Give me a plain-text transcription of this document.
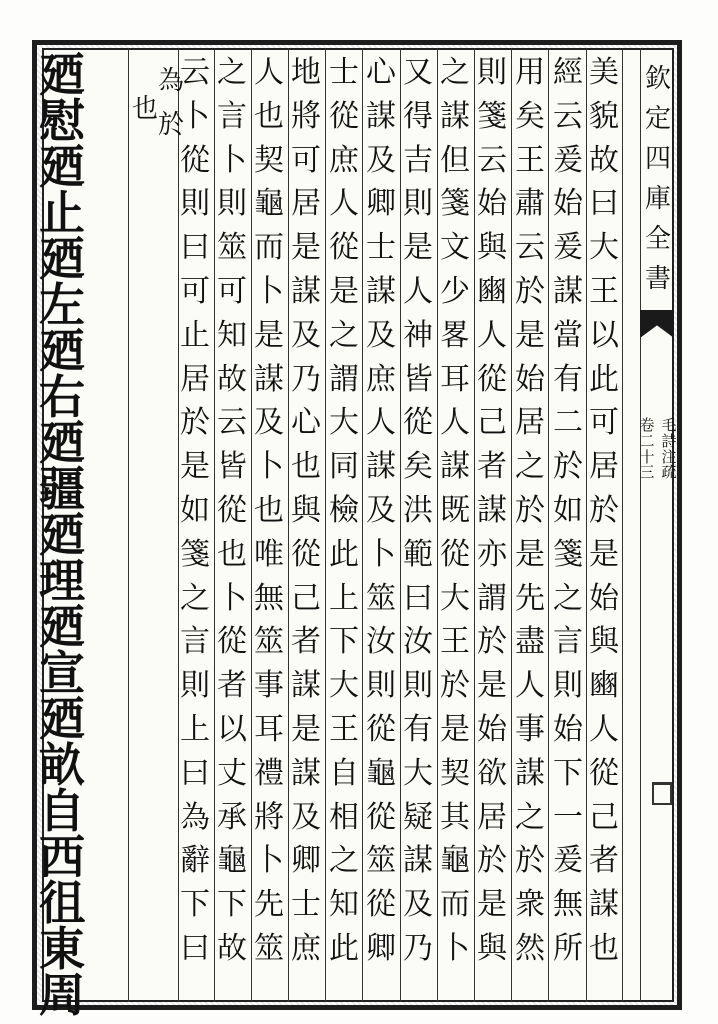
欽
定
四
庫
全
書
毛
詩
注
疏
卷
二
十
三
美
貌
故
曰
大
王
以
此
可
居
於
是
始
與
豳
人
從
己
者
謀
也
經
云
爰
始
爰
謀
當
有
二
於
如
箋
之
言
則
始
下
一
爰
無
所
用
矣
王
肅
云
於
是
始
居
之
於
是
先
盡
人
事
謀
之
於
衆
然
則
箋
云
始
與
豳
人
從
己
者
謀
亦
謂
於
是
始
欲
居
於
是
與
之
謀
但
箋
文
少
畧
耳
人
謀
既
從
大
王
於
是
契
其
龜
而
卜
又
得
吉
則
是
人
神
皆
從
矣
洪
範
曰
汝
則
有
大
疑
謀
及
乃
心
謀
及
卿
士
謀
及
庶
人
謀
及
卜
筮
汝
則
從
龜
從
筮
從
卿
士
從
庶
人
從
是
之
謂
大
同
檢
此
上
下
大
王
自
相
之
知
此
地
將
可
居
是
謀
及
乃
心
也
與
從
己
者
謀
是
謀
及
卿
士
庶
人
也
契
龜
而
卜
是
謀
及
卜
也
唯
無
筮
事
耳
禮
將
卜
先
筮
之
言
卜
則
筮
可
知
故
云
皆
從
也
卜
從
者
以
丈
承
龜
下
故
云
卜
從
則
曰
可
止
居
於
是
如
箋
之
言
則
上
曰
為
辭
下
曰
也
為
於
廼
慰
廼
止
廼
左
廼
右
廼
疆
廼
理
廼
宣
廼
畝
自
西
徂
東
周
